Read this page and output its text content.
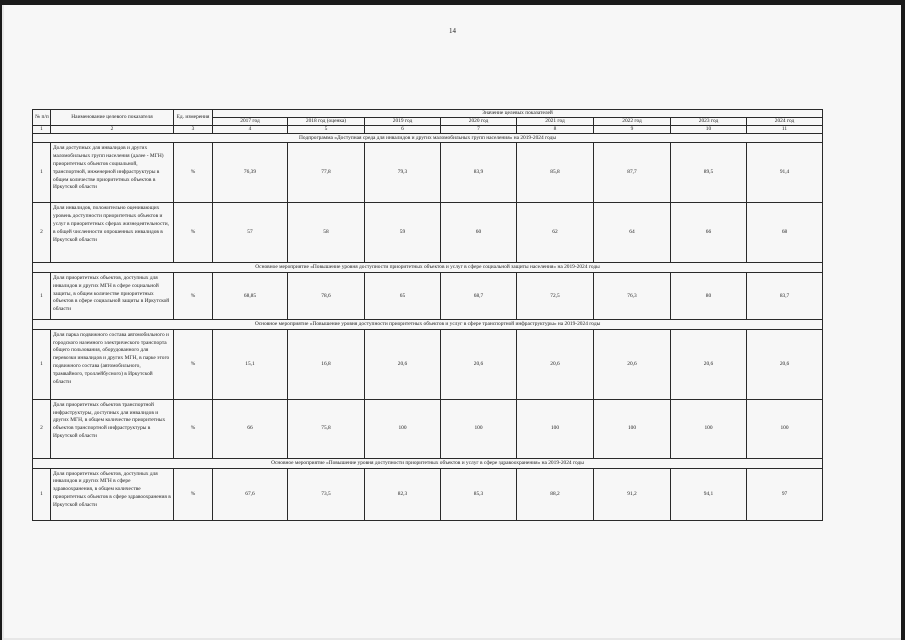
14
№ п/п	Наименование целевого показателя	Ед. измерения	Значение целевых показателей							
			2017 год	2018 год (оценка)	2019 год	2020 год	2021 год	2022 год	2023 год	2024 год
1	2	3	4	5	6	7	8	9	10	11
Подпрограмма «Доступная среда для инвалидов и других маломобильных групп населения» на 2019-2024 годы										
1	Доля доступных для инвалидов и других маломобильных групп населения (далее - МГН) приоритетных объектов социальной, транспортной, инженерной инфраструктуры в общем количестве приоритетных объектов в Иркутской области	%	76,39	77,8	79,3	83,9	85,8	87,7	89,5	91,4
2	Доля инвалидов, положительно оценивающих уровень доступности приоритетных объектов и услуг в приоритетных сферах жизнедеятельности, в общей численности опрошенных инвалидов в Иркутской области	%	57	58	59	60	62	64	66	68
Основное мероприятие «Повышение уровня доступности приоритетных объектов и услуг в сфере социальной защиты населения» на 2019-2024 годы										
1	Доля приоритетных объектов, доступных для инвалидов и других МГН в сфере социальной защиты, в общем количестве приоритетных объектов в сфере социальной защиты в Иркутской области	%	68,85	78,6	65	68,7	72,5	76,3	80	83,7
Основное мероприятие «Повышение уровня доступности приоритетных объектов и услуг в сфере транспортной инфраструктуры» на 2019-2024 годы										
1	Доля парка подвижного состава автомобильного и городского наземного электрического транспорта общего пользования, оборудованного для перевозки инвалидов и других МГН, в парке этого подвижного состава (автомобильного, трамвайного, троллейбусного) в Иркутской области	%	15,1	16,8	20,6	20,6	20,6	20,6	20,6	20,6
2	Доля приоритетных объектов транспортной инфраструктуры, доступных для инвалидов и других МГН, в общем количестве приоритетных объектов транспортной инфраструктуры в Иркутской области	%	66	75,8	100	100	100	100	100	100
Основное мероприятие «Повышение уровня доступности приоритетных объектов и услуг в сфере здравоохранения» на 2019-2024 годы										
1	Доля приоритетных объектов, доступных для инвалидов и других МГН в сфере здравоохранения, в общем количестве приоритетных объектов в сфере здравоохранения в Иркутской области	%	67,6	73,5	82,3	85,3	88,2	91,2	94,1	97
